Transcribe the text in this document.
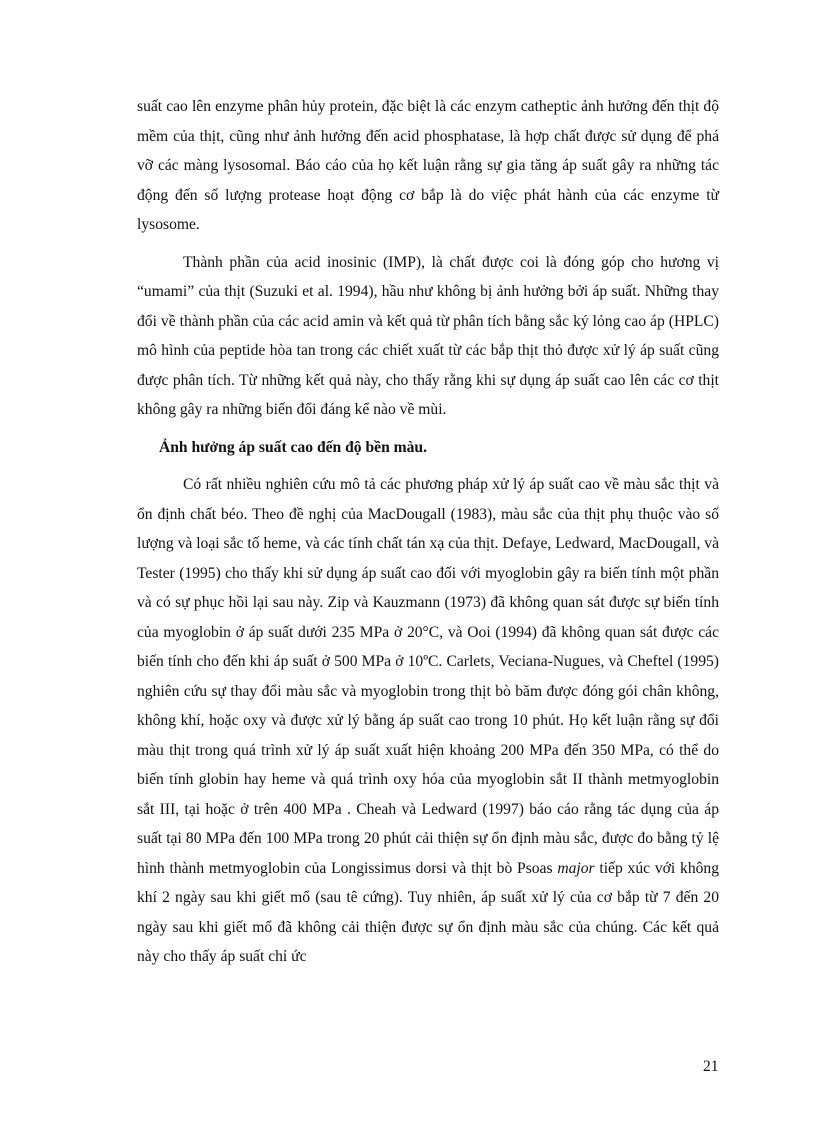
suất cao lên enzyme phân hủy protein, đặc biệt là các enzym catheptic ảnh hưởng đến thịt độ mềm của thịt, cũng như ảnh hưởng đến acid phosphatase, là hợp chất được sử dụng để phá vỡ các màng lysosomal. Báo cáo của họ kết luận rằng sự gia tăng áp suất gây ra những tác động đến số lượng protease hoạt động cơ bắp là do việc phát hành của các enzyme từ lysosome.

Thành phần của acid inosinic (IMP), là chất được coi là đóng góp cho hương vị “umami” của thịt (Suzuki et al. 1994), hầu như không bị ảnh hưởng bởi áp suất. Những thay đổi về thành phần của các acid amin và kết quả từ phân tích bằng sắc ký lỏng cao áp (HPLC) mô hình của peptide hòa tan trong các chiết xuất từ các bắp thịt thỏ được xử lý áp suất cũng được phân tích. Từ những kết quả này, cho thấy rằng khi sự dụng áp suất cao lên các cơ thịt không gây ra những biến đổi đáng kể nào về mùi.

Ảnh hưởng áp suất cao đến độ bền màu.

Có rất nhiều nghiên cứu mô tả các phương pháp xử lý áp suất cao về màu sắc thịt và ổn định chất béo. Theo đề nghị của MacDougall (1983), màu sắc của thịt phụ thuộc vào số lượng và loại sắc tố heme, và các tính chất tán xạ của thịt. Defaye, Ledward, MacDougall, và Tester (1995) cho thấy khi sử dụng áp suất cao đối với myoglobin gây ra biến tính một phần và có sự phục hồi lại sau này. Zip và Kauzmann (1973) đã không quan sát được sự biến tính của myoglobin ở áp suất dưới 235 MPa ở 20°C, và Ooi (1994) đã không quan sát được các biến tính cho đến khi áp suất ở 500 MPa ở 10ºC. Carlets, Veciana-Nugues, và Cheftel (1995) nghiên cứu sự thay đổi màu sắc và myoglobin trong thịt bò băm được đóng gói chân không, không khí, hoặc oxy và được xử lý bằng áp suất cao trong 10 phút. Họ kết luận rằng sự đổi màu thịt trong quá trình xử lý áp suất xuất hiện khoảng 200 MPa đến 350 MPa, có thể do biến tính globin hay heme và quá trình oxy hóa của myoglobin sắt II thành metmyoglobin sắt III, tại hoặc ở trên 400 MPa . Cheah và Ledward (1997) báo cáo rằng tác dụng của áp suất tại 80 MPa đến 100 MPa trong 20 phút cải thiện sự ổn định màu sắc, được đo bằng tỷ lệ hình thành metmyoglobin của Longissimus dorsi và thịt bò Psoas major tiếp xúc với không khí 2 ngày sau khi giết mổ (sau tê cứng). Tuy nhiên, áp suất xử lý của cơ bắp từ 7 đến 20 ngày sau khi giết mổ đã không cải thiện được sự ổn định màu sắc của chúng. Các kết quả này cho thấy áp suất chỉ ức

21
